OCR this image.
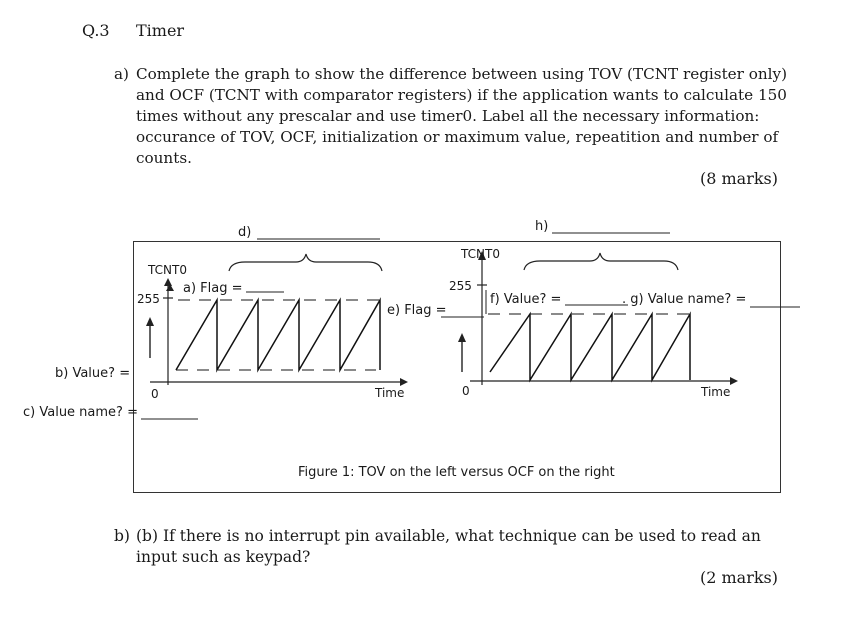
Q.3 Timer
a) Complete the graph to show the difference between using TOV (TCNT register only) and OCF (TCNT with comparator registers) if the application wants to calculate 150 times without any prescalar and use timer0. Label all the necessary information: occurance of TOV, OCF, initialization or maximum value, repeatition and number of counts.
(8 marks)
TCNT0
255
0	Time
a) Flag =
b) Value? =
c) Value name? =
d)
e) Flag =
TCNT0
255
0	Time
f) Value? =	. g) Value name? =
h)
Figure 1: TOV on the left versus OCF on the right
b) (b) If there is no interrupt pin available, what technique can be used to read an input such as keypad?
(2 marks)
